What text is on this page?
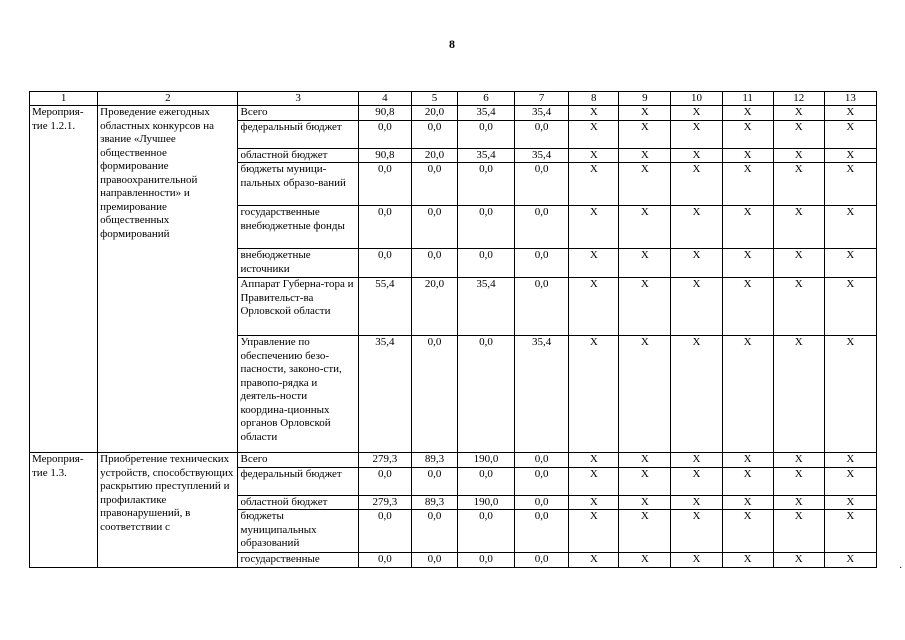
8
·
1	2	3	4	5	6	7	8	9	10	11	12	13
Мероприя-тие 1.2.1.	Проведение ежегодных областных конкурсов на звание «Лучшее общественное формирование правоохранительной направленности» и премирование общественных формирований	Всего	90,8	20,0	35,4	35,4	X	X	X	X	X	X
		федеральный бюджет	0,0	0,0	0,0	0,0	X	X	X	X	X	X
		областной бюджет	90,8	20,0	35,4	35,4	X	X	X	X	X	X
		бюджеты муници-пальных образо-ваний	0,0	0,0	0,0	0,0	X	X	X	X	X	X
		государственные внебюджетные фонды	0,0	0,0	0,0	0,0	X	X	X	X	X	X
		внебюджетные источники	0,0	0,0	0,0	0,0	X	X	X	X	X	X
		Аппарат Губерна-тора и Правительст-ва Орловской области	55,4	20,0	35,4	0,0	X	X	X	X	X	X
		Управление по обеспечению безо-пасности, законо-сти, правопо-рядка и деятель-ности координа-ционных органов Орловской области	35,4	0,0	0,0	35,4	X	X	X	X	X	X
Мероприя-тие 1.3.	Приобретение технических устройств, способствующих раскрытию преступлений и профилактике правонарушений, в соответствии с	Всего	279,3	89,3	190,0	0,0	X	X	X	X	X	X
		федеральный бюджет	0,0	0,0	0,0	0,0	X	X	X	X	X	X
		областной бюджет	279,3	89,3	190,0	0,0	X	X	X	X	X	X
		бюджеты муниципальных образований	0,0	0,0	0,0	0,0	X	X	X	X	X	X
		государственные	0,0	0,0	0,0	0,0	X	X	X	X	X	X
